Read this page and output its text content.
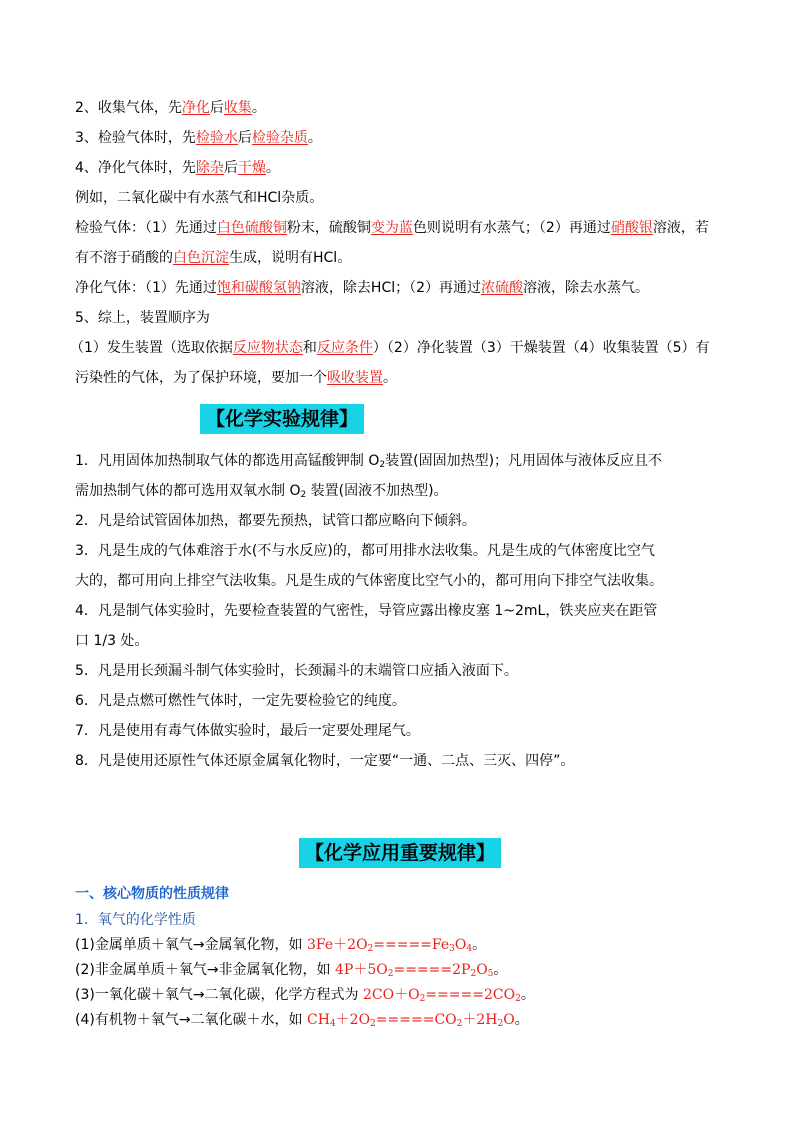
2、收集气体，先净化后收集。
3、检验气体时，先检验水后检验杂质。
4、净化气体时，先除杂后干燥。
例如，二氧化碳中有水蒸气和HCl杂质。
检验气体：（1）先通过白色硫酸铜粉末，硫酸铜变为蓝色则说明有水蒸气；（2）再通过硝酸银溶液，若
有不溶于硝酸的白色沉淀生成，说明有HCl。
净化气体：（1）先通过饱和碳酸氢钠溶液，除去HCl；（2）再通过浓硫酸溶液，除去水蒸气。
5、综上，装置顺序为
（1）发生装置（选取依据反应物状态和反应条件）（2）净化装置（3）干燥装置（4）收集装置（5）有
污染性的气体，为了保护环境，要加一个吸收装置。
【化学实验规律】
1．凡用固体加热制取气体的都选用高锰酸钾制 $O_2$装置(固固加热型)；凡用固体与液体反应且不
需加热制气体的都可选用双氧水制 $O_2$ 装置(固液不加热型)。
2．凡是给试管固体加热，都要先预热，试管口都应略向下倾斜。
3．凡是生成的气体难溶于水(不与水反应)的，都可用排水法收集。凡是生成的气体密度比空气
大的，都可用向上排空气法收集。凡是生成的气体密度比空气小的，都可用向下排空气法收集。
4．凡是制气体实验时，先要检查装置的气密性，导管应露出橡皮塞 1~2mL，铁夹应夹在距管
口 1/3 处。
5．凡是用长颈漏斗制气体实验时，长颈漏斗的末端管口应插入液面下。
6．凡是点燃可燃性气体时，一定先要检验它的纯度。
7．凡是使用有毒气体做实验时，最后一定要处理尾气。
8．凡是使用还原性气体还原金属氧化物时，一定要“一通、二点、三灭、四停”。
【化学应用重要规律】
一、核心物质的性质规律
1．氧气的化学性质
(1)金属单质＋氧气→金属氧化物，如 $3Fe+2O_2=====Fe_3O_4$。
(2)非金属单质＋氧气→非金属氧化物，如 $4P+5O_2=====2P_2O_5$。
(3)一氧化碳＋氧气→二氧化碳，化学方程式为 $2CO+O_2=====2CO_2$。
(4)有机物＋氧气→二氧化碳＋水，如 $CH_4+2O_2=====CO_2+2H_2O$。
